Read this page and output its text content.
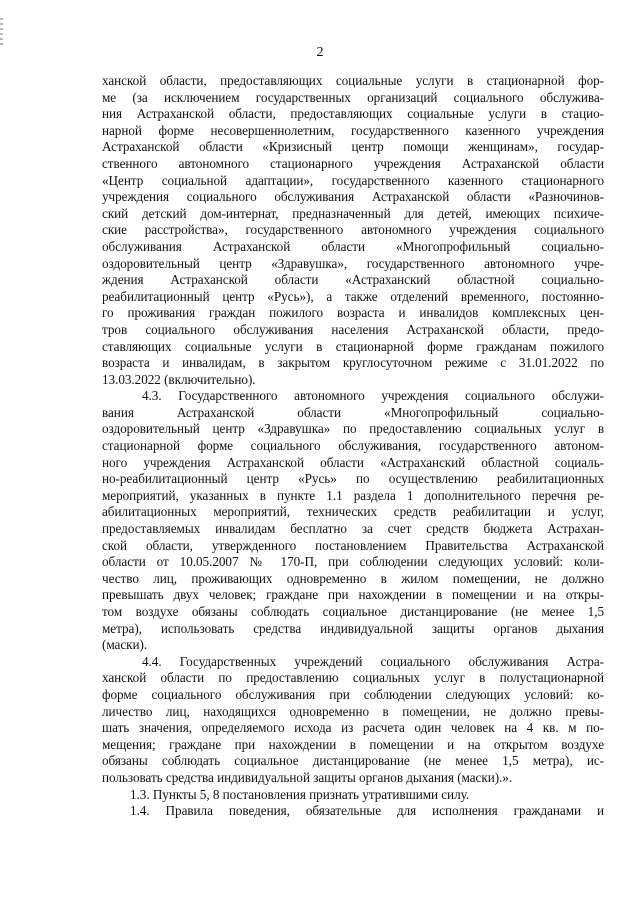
2
ханской области, предоставляющих социальные услуги в стационарной фор-
ме (за исключением государственных организаций социального обслужива-
ния Астраханской области, предоставляющих социальные услуги в стацио-
нарной форме несовершеннолетним, государственного казенного учреждения
Астраханской области «Кризисный центр помощи женщинам», государ-
ственного автономного стационарного учреждения Астраханской области
«Центр социальной адаптации», государственного казенного стационарного
учреждения социального обслуживания Астраханской области «Разночинов-
ский детский дом-интернат, предназначенный для детей, имеющих психиче-
ские расстройства», государственного автономного учреждения социального
обслуживания Астраханской области «Многопрофильный социально-
оздоровительный центр «Здравушка», государственного автономного учре-
ждения Астраханской области «Астраханский областной социально-
реабилитационный центр «Русь»), а также отделений временного, постоянно-
го проживания граждан пожилого возраста и инвалидов комплексных цен-
тров социального обслуживания населения Астраханской области, предо-
ставляющих социальные услуги в стационарной форме гражданам пожилого
возраста и инвалидам, в закрытом круглосуточном режиме с 31.01.2022 по
13.03.2022 (включительно).
4.3. Государственного автономного учреждения социального обслужи-
вания Астраханской области «Многопрофильный социально-
оздоровительный центр «Здравушка» по предоставлению социальных услуг в
стационарной форме социального обслуживания, государственного автоном-
ного учреждения Астраханской области «Астраханский областной социаль-
но-реабилитационный центр «Русь» по осуществлению реабилитационных
мероприятий, указанных в пункте 1.1 раздела 1 дополнительного перечня ре-
абилитационных мероприятий, технических средств реабилитации и услуг,
предоставляемых инвалидам бесплатно за счет средств бюджета Астрахан-
ской области, утвержденного постановлением Правительства Астраханской
области от 10.05.2007 № 170-П, при соблюдении следующих условий: коли-
чество лиц, проживающих одновременно в жилом помещении, не должно
превышать двух человек; граждане при нахождении в помещении и на откры-
том воздухе обязаны соблюдать социальное дистанцирование (не менее 1,5
метра), использовать средства индивидуальной защиты органов дыхания
(маски).
4.4. Государственных учреждений социального обслуживания Астра-
ханской области по предоставлению социальных услуг в полустационарной
форме социального обслуживания при соблюдении следующих условий: ко-
личество лиц, находящихся одновременно в помещении, не должно превы-
шать значения, определяемого исхода из расчета один человек на 4 кв. м по-
мещения; граждане при нахождении в помещении и на открытом воздухе
обязаны соблюдать социальное дистанцирование (не менее 1,5 метра), ис-
пользовать средства индивидуальной защиты органов дыхания (маски).».
1.3. Пункты 5, 8 постановления признать утратившими силу.
1.4. Правила поведения, обязательные для исполнения гражданами и
